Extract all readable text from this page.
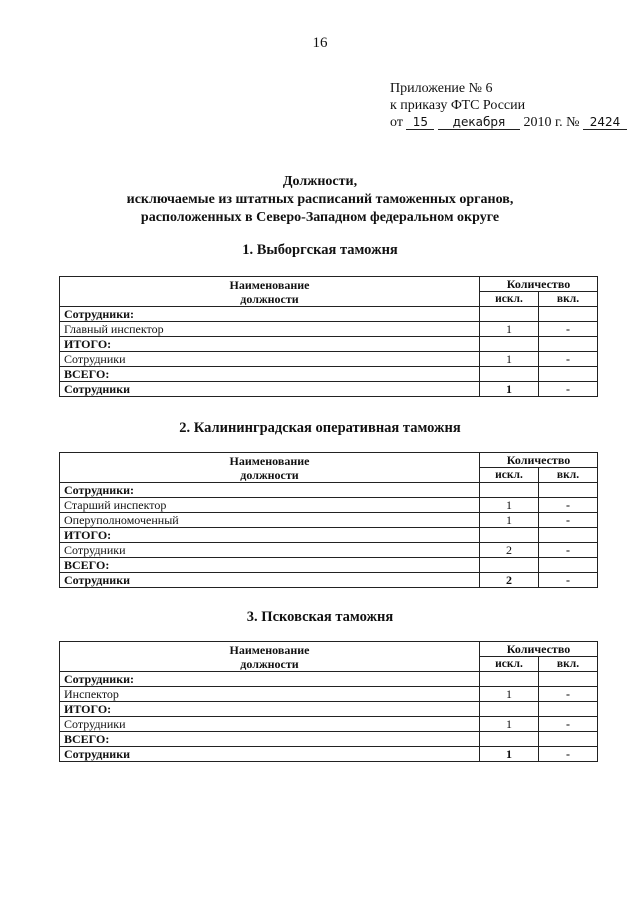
16
Приложение № 6
к приказу ФТС России
от 15 декабря 2010 г. № 2424
Должности,
исключаемые из штатных расписаний таможенных органов,
расположенных в Северо-Западном федеральном округе
1. Выборгская таможня
Наименование
должности	Количество	
	искл.	вкл.
Сотрудники:		
Главный инспектор	1	-
ИТОГО:		
Сотрудники	1	-
ВСЕГО:		
Сотрудники	1	-
2. Калининградская оперативная таможня
Наименование
должности	Количество	
	искл.	вкл.
Сотрудники:		
Старший инспектор	1	-
Оперуполномоченный	1	-
ИТОГО:		
Сотрудники	2	-
ВСЕГО:		
Сотрудники	2	-
3. Псковская таможня
Наименование
должности	Количество	
	искл.	вкл.
Сотрудники:		
Инспектор	1	-
ИТОГО:		
Сотрудники	1	-
ВСЕГО:		
Сотрудники	1	-
